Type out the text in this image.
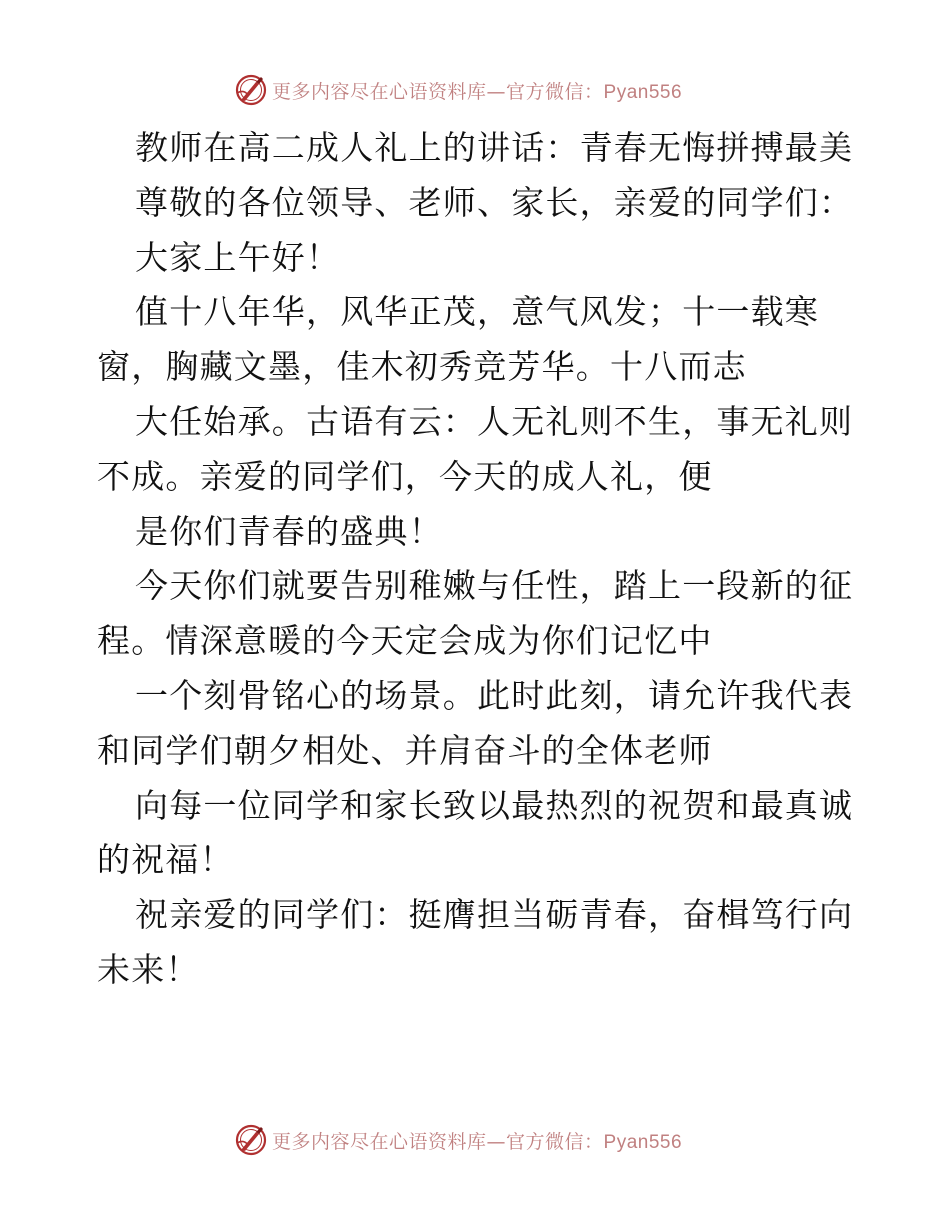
更多内容尽在心语资料库—官方微信：Pyan556
教师在高二成人礼上的讲话：青春无悔拼搏最美
尊敬的各位领导、老师、家长，亲爱的同学们：
大家上午好！
值十八年华，风华正茂，意气风发；十一载寒
窗，胸藏文墨，佳木初秀竞芳华。十八而志
大任始承。古语有云：人无礼则不生，事无礼则
不成。亲爱的同学们，今天的成人礼，便
是你们青春的盛典！
今天你们就要告别稚嫩与任性，踏上一段新的征
程。情深意暖的今天定会成为你们记忆中
一个刻骨铭心的场景。此时此刻，请允许我代表
和同学们朝夕相处、并肩奋斗的全体老师
向每一位同学和家长致以最热烈的祝贺和最真诚
的祝福！
祝亲爱的同学们：挺膺担当砺青春，奋楫笃行向
未来！
更多内容尽在心语资料库—官方微信：Pyan556
